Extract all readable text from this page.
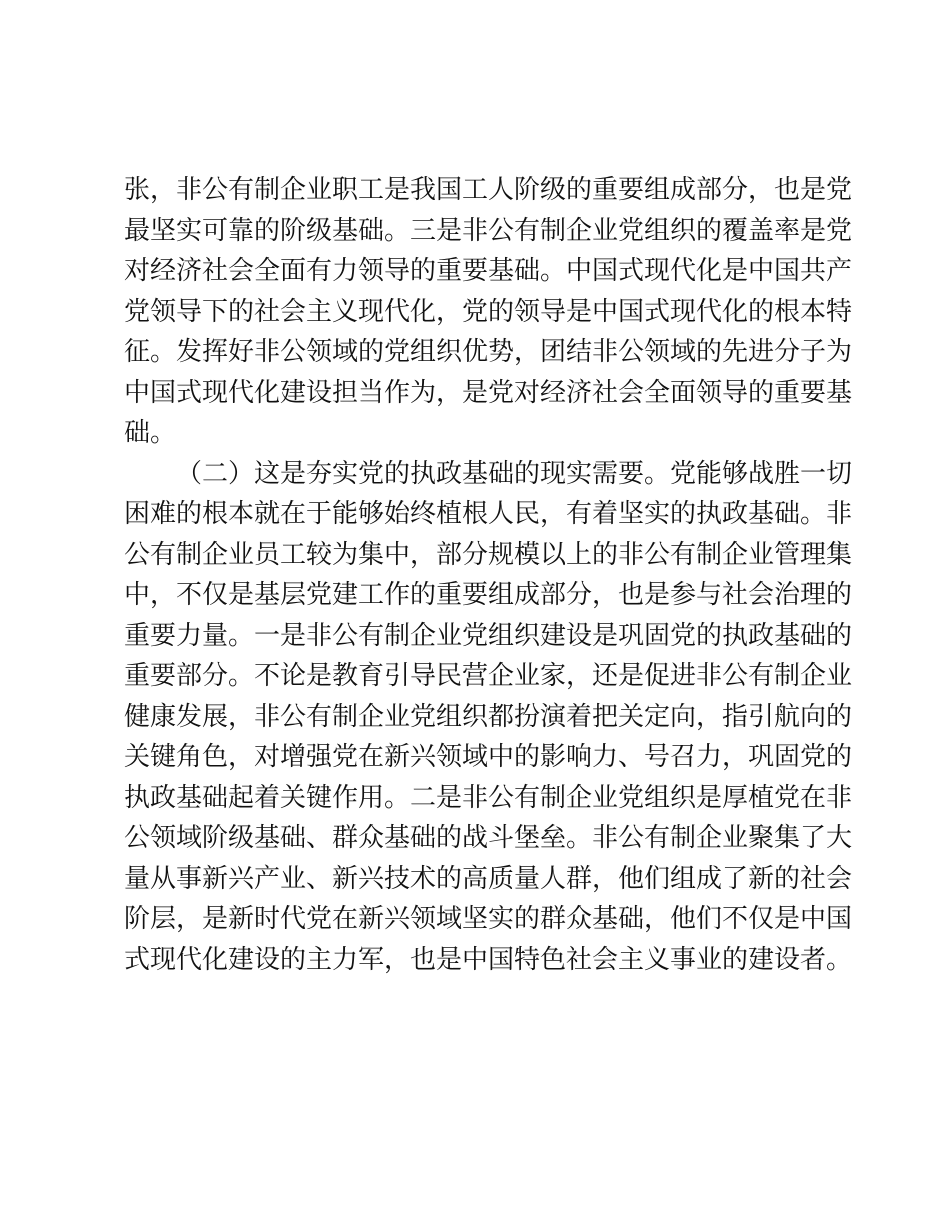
张，非公有制企业职工是我国工人阶级的重要组成部分，也是党
最坚实可靠的阶级基础。三是非公有制企业党组织的覆盖率是党
对经济社会全面有力领导的重要基础。中国式现代化是中国共产
党领导下的社会主义现代化，党的领导是中国式现代化的根本特
征。发挥好非公领域的党组织优势，团结非公领域的先进分子为
中国式现代化建设担当作为，是党对经济社会全面领导的重要基
础。
（二）这是夯实党的执政基础的现实需要。党能够战胜一切
困难的根本就在于能够始终植根人民，有着坚实的执政基础。非
公有制企业员工较为集中，部分规模以上的非公有制企业管理集
中，不仅是基层党建工作的重要组成部分，也是参与社会治理的
重要力量。一是非公有制企业党组织建设是巩固党的执政基础的
重要部分。不论是教育引导民营企业家，还是促进非公有制企业
健康发展，非公有制企业党组织都扮演着把关定向，指引航向的
关键角色，对增强党在新兴领域中的影响力、号召力，巩固党的
执政基础起着关键作用。二是非公有制企业党组织是厚植党在非
公领域阶级基础、群众基础的战斗堡垒。非公有制企业聚集了大
量从事新兴产业、新兴技术的高质量人群，他们组成了新的社会
阶层，是新时代党在新兴领域坚实的群众基础，他们不仅是中国
式现代化建设的主力军，也是中国特色社会主义事业的建设者。
